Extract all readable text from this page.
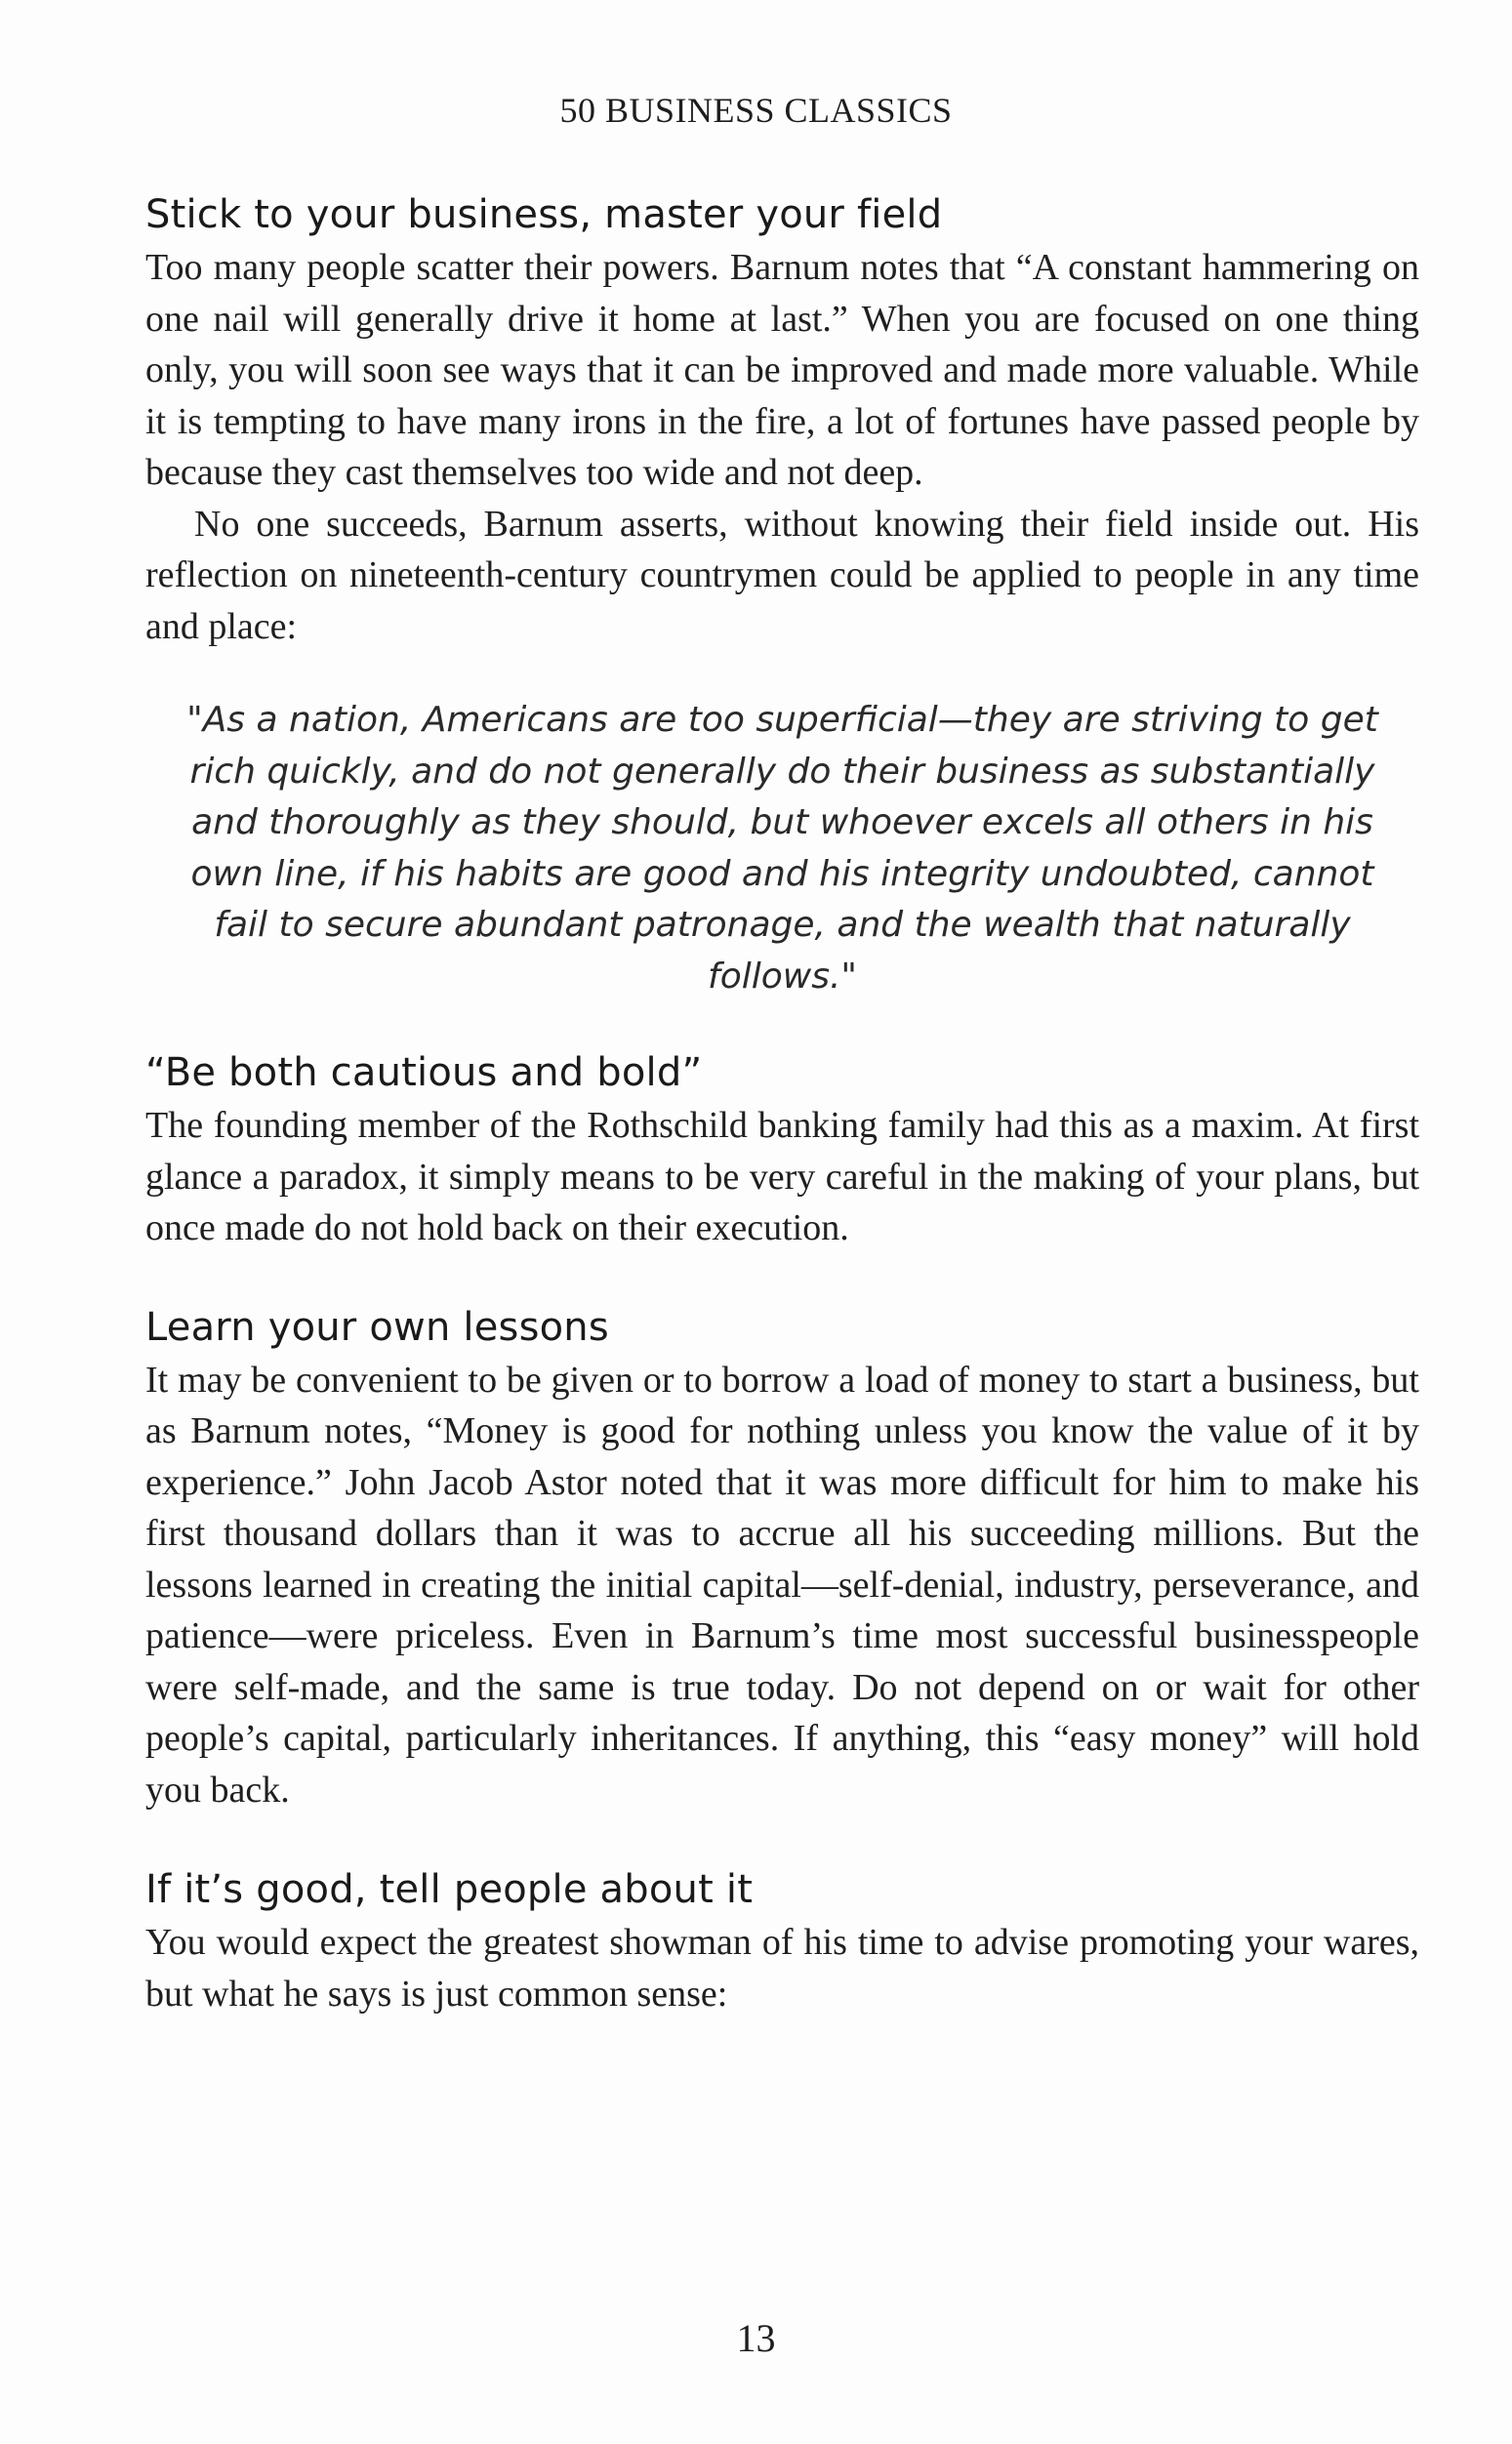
50 BUSINESS CLASSICS
Stick to your business, master your field

Too many people scatter their powers. Barnum notes that “A constant hammering on one nail will generally drive it home at last.” When you are focused on one thing only, you will soon see ways that it can be improved and made more valuable. While it is tempting to have many irons in the fire, a lot of fortunes have passed people by because they cast themselves too wide and not deep.

No one succeeds, Barnum asserts, without knowing their field inside out. His reflection on nineteenth-century countrymen could be applied to people in any time and place:

"As a nation, Americans are too superficial—they are striving to get rich quickly, and do not generally do their business as substantially and thoroughly as they should, but whoever excels all others in his own line, if his habits are good and his integrity undoubted, cannot fail to secure abundant patronage, and the wealth that naturally follows."
“Be both cautious and bold”

The founding member of the Rothschild banking family had this as a maxim. At first glance a paradox, it simply means to be very careful in the making of your plans, but once made do not hold back on their execution.

Learn your own lessons

It may be convenient to be given or to borrow a load of money to start a business, but as Barnum notes, “Money is good for nothing unless you know the value of it by experience.” John Jacob Astor noted that it was more difficult for him to make his first thousand dollars than it was to accrue all his succeeding millions. But the lessons learned in creating the initial capital—self-denial, industry, perseverance, and patience—were priceless. Even in Barnum’s time most successful businesspeople were self-made, and the same is true today. Do not depend on or wait for other people’s capital, particularly inheritances. If anything, this “easy money” will hold you back.

If it’s good, tell people about it

You would expect the greatest showman of his time to advise promoting your wares, but what he says is just common sense:

13
